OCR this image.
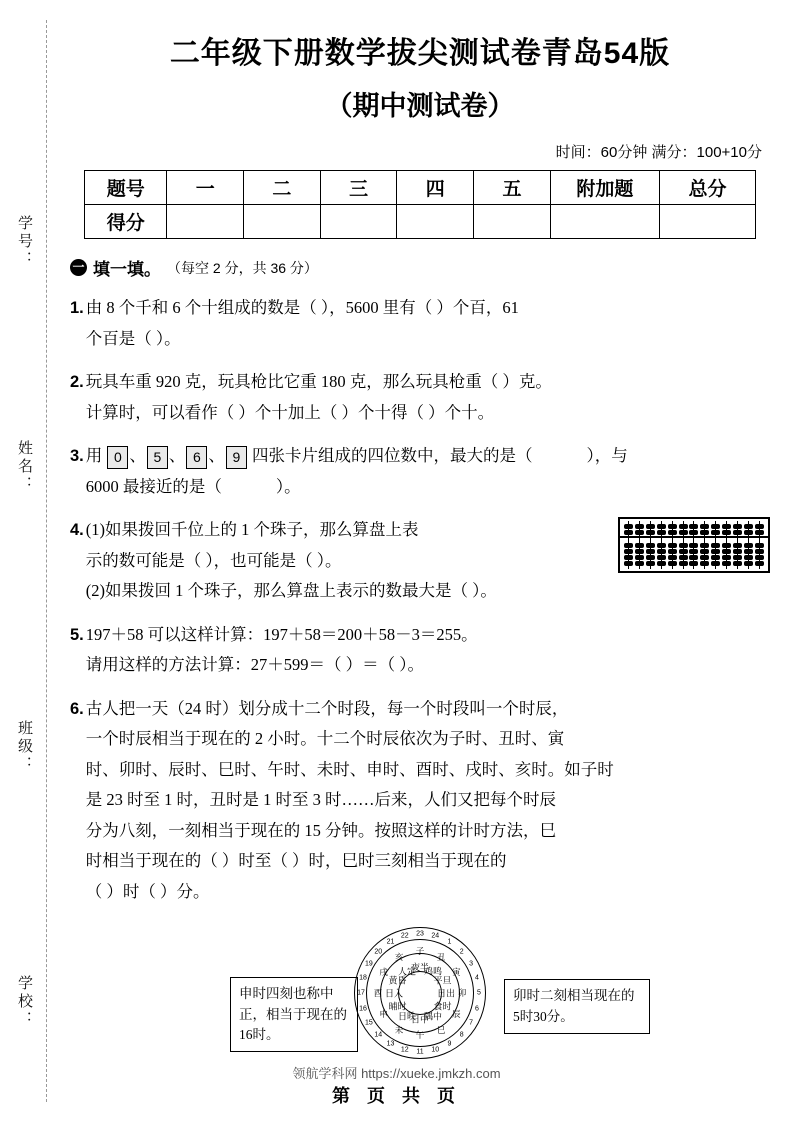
学号：
姓名：
班级：
学校：
二年级下册数学拔尖测试卷青岛54版
（期中测试卷）
时间：60分钟 满分：100+10分
题号	一	二	三	四	五	附加题	总分
得分							
一 填一填。 （每空 2 分，共 36 分）
1. 由 8 个千和 6 个十组成的数是（ ），5600 里有（ ）个百，61

个百是（ ）。

2. 玩具车重 920 克，玩具枪比它重 180 克，那么玩具枪重（ ）克。

计算时，可以看作（ ）个十加上（ ）个十得（ ）个十。

3. 用 0 、 5 、 6 、 9 四张卡片组成的四位数中，最大的是（	），与

6000 最接近的是（	）。

4. (1)如果拨回千位上的 1 个珠子，那么算盘上表

示的数可能是（ ），也可能是（ ）。

(2)如果拨回 1 个珠子，那么算盘上表示的数最大是（ ）。

5. 197＋58 可以这样计算：197＋58＝200＋58－3＝255。

请用这样的方法计算：27＋599＝（ ）＝（ ）。

6. 古人把一天（24 时）划分成十二个时段，每一个时段叫一个时辰，

一个时辰相当于现在的 2 小时。十二个时辰依次为子时、丑时、寅

时、卯时、辰时、巳时、午时、未时、申时、酉时、戌时、亥时。如子时

是 23 时至 1 时，丑时是 1 时至 3 时……后来，人们又把每个时辰

分为八刻，一刻相当于现在的 15 分钟。按照这样的计时方法，巳

时相当于现在的（ ）时至（ ）时，巳时三刻相当于现在的

（ ）时（ ）分。

申时四刻也称中正，相当于现在的16时。
卯时二刻相当现在的5时30分。
23 24
1
2
3
4
5
6
7
8
9
10
11
12
13
14
15
16
17
18
19
20
21
22
子
丑
寅
卯
辰
巳
午
未
申
酉
戌
亥
夜半
鸡鸣
平旦
日出
食时
隅中
日中
日昳
晡时
日入
黄昏
人定
领航学科网 https://xueke.jmkzh.com
第 页 共 页
